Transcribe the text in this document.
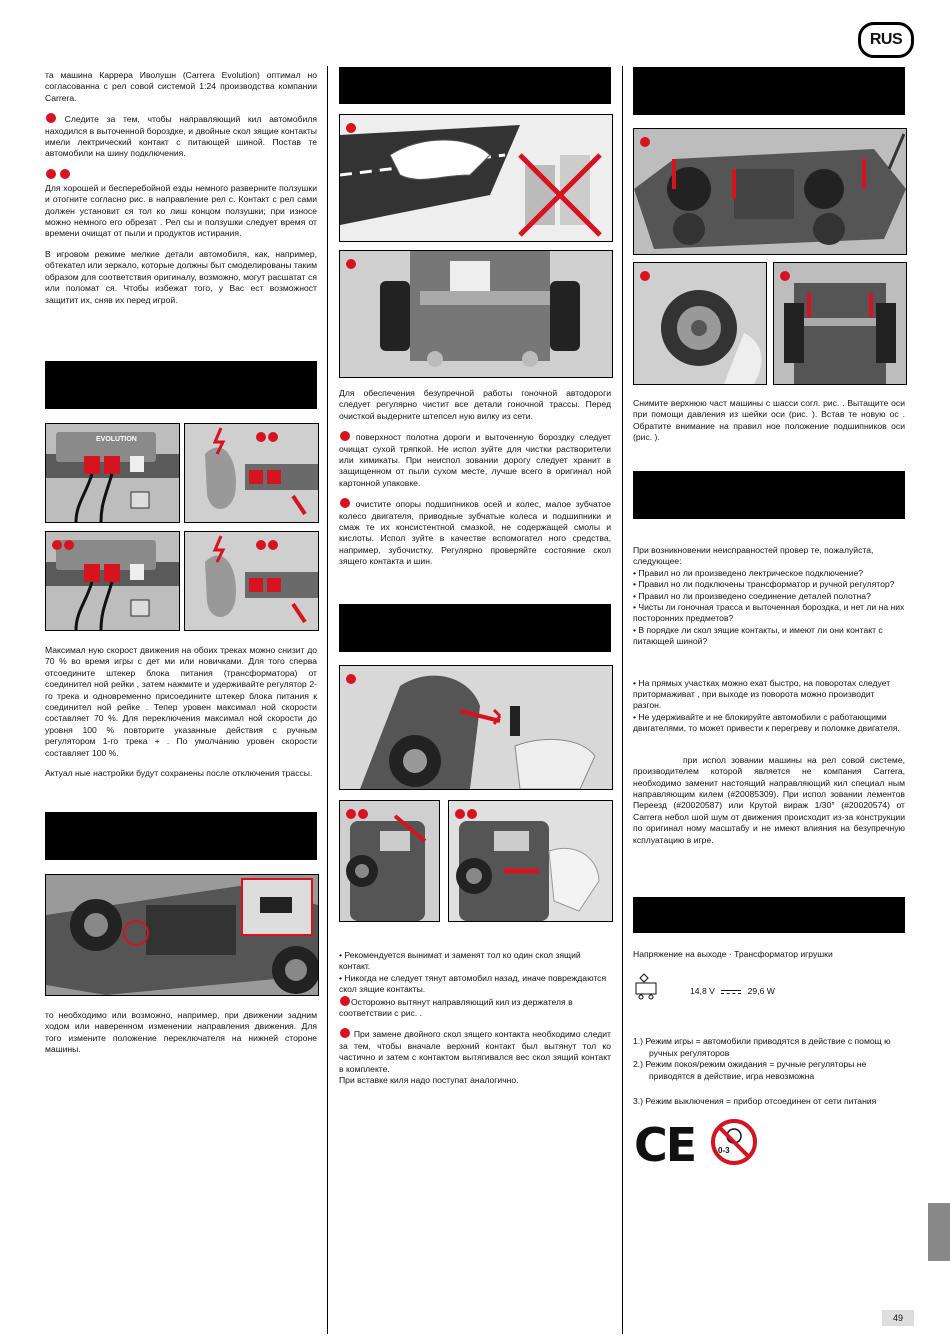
RUS

та машина Каррера Иволушн (Carrera Evolution) оптимал но согласованна с рел совой системой 1:24 производства компании Carrera.

Следите за тем, чтобы направляющий кил автомобиля находился в выточенной бороздке, и двойные скол зящие контакты имели лектрический контакт с питающей шиной. Постав те автомобили на шину подключения.

Для хорошей и бесперебойной езды немного разверните ползушки и отогните согласно рис. в направление рел с. Контакт с рел сами должен установит ся тол ко лиш концом ползушки; при износе можно немного его обрезат . Рел сы и ползушки следует время от времени очищат от пыли и продуктов истирания.

В игровом режиме мелкие детали автомобиля, как, например, обтекател или зеркало, которые должны быт смоделированы таким образом для соответствия оригиналу, возможно, могут расшатат ся или поломат ся. Чтобы избежат того, у Вас ест возможност защитит их, сняв их перед игрой.

EVOLUTION

Максимал ную скорост движения на обоих треках можно снизит до 70 % во время игры с дет ми или новичками. Для того сперва отсоедините штекер блока питания (трансформатора) от соединител ной рейки , затем нажмите и удерживайте регулятор 2-го трека и одновременно присоедините штекер блока питания к соединител ной рейке . Тепер уровен максимал ной скорости составляет 70 %. Для переключения максимал ной скорости до уровня 100 % повторите указанные действия с ручным регулятором 1-го трека + . По умолчанию уровен скорости составляет 100 %.

Актуал ные настройки будут сохранены после отключения трассы.

то необходимо или возможно, например, при движении задним ходом или наверенном изменении направления движения. Для того измените положение переключателя на нижней стороне машины.

Для обеспечения безупречной работы гоночной автодороги следует регулярно чистит все детали гоночной трассы. Перед очисткой выдерните штепсел ную вилку из сети.

поверхност полотна дороги и выточенную бороздку следует очищат сухой тряпкой. Не испол зуйте для чистки растворители или химикаты. При неиспол зовании дорогу следует хранит в защищенном от пыли сухом месте, лучше всего в оригинал ной картонной упаковке.

очистите опоры подшипников осей и колес, малое зубчатое колесо двигателя, приводные зубчатые колеса и подшипники и смаж те их консистентной смазкой, не содержащей смолы и кислоты. Испол зуйте в качестве вспомогател ного средства, например, зубочистку. Регулярно проверяйте состояние скол зящего контакта и шин.

• Рекомендуется вынимат и заменят тол ко один скол зящий контакт.
• Никогда не следует тянут автомобил назад, иначе повреждаются скол зящие контакты.
Осторожно вытянут направляющий кил из держателя в соответствии с рис. .

При замене двойного скол зящего контакта необходимо следит за тем, чтобы вначале верхний контакт был вытянут тол ко частично и затем с контактом вытягивался вес скол зящий контакт в комплекте.

При вставке киля надо поступат аналогично.

Снимите верхнюю част машины с шасси согл. рис. . Вытащите оси при помощи давления из шейки оси (рис. ). Встав те новую ос . Обратите внимание на правил ное положение подшипников оси (рис. ).

При возникновении неисправностей провер те, пожалуйста, следующее:
• Правил но ли произведено лектрическое подключение?
• Правил но ли подключены трансформатор и ручной регулятор?
• Правил но ли произведено соединение деталей полотна?
• Чисты ли гоночная трасса и выточенная бороздка, и нет ли на них посторонних предметов?
• В порядке ли скол зящие контакты, и имеют ли они контакт с питающей шиной?
• На прямых участках можно ехат быстро, на поворотах следует притормаживат , при выходе из поворота можно производит разгон.
• Не удерживайте и не блокируйте автомобили с работающими двигателями, то может привести к перегреву и поломке двигателя.

при испол зовании машины на рел совой системе, производителем которой является не компания Carrera, необходимо заменит настоящий направляющий кил специал ным направляющим килем (#20085309). При испол зовании лементов Переезд (#20020587) или Крутой вираж 1/30° (#20020574) от Carrera небол шой шум от движения происходит из-за конструкции по оригинал ному масштабу и не имеют влияния на безупречную ксплуатацию в игре.

Напряжение на выходе · Трансформатор игрушки
14,8 V	29,6 W
1.) Режим игры = автомобили приводятся в действие с помощ ю ручных регуляторов
2.) Режим покоя/режим ожидания = ручные регуляторы не приводятся в действие, игра невозможна
3.) Режим выключения = прибор отсоединен от сети питания
CE	0-3
49
